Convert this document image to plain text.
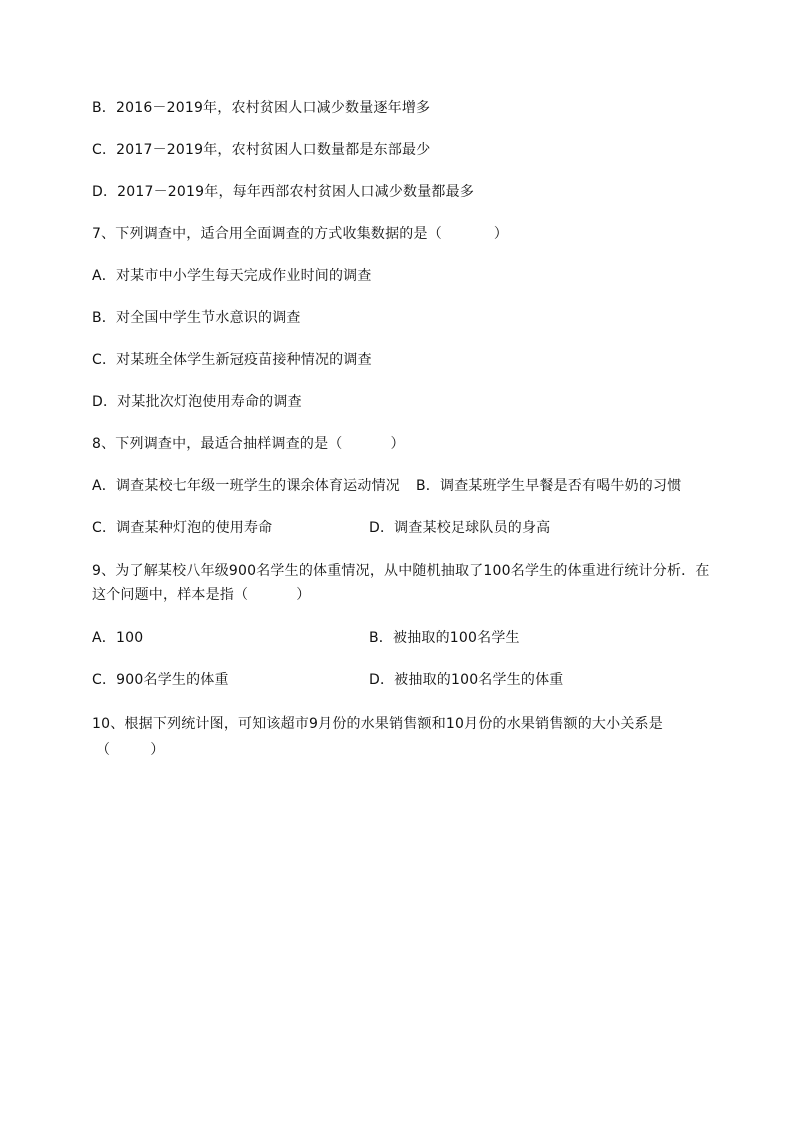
B．2016－2019年，农村贫困人口减少数量逐年增多
C．2017－2019年，农村贫困人口数量都是东部最少
D．2017－2019年，每年西部农村贫困人口减少数量都最多
7、下列调查中，适合用全面调查的方式收集数据的是（	）
A．对某市中小学生每天完成作业时间的调查
B．对全国中学生节水意识的调查
C．对某班全体学生新冠疫苗接种情况的调查
D．对某批次灯泡使用寿命的调查
8、下列调查中，最适合抽样调查的是（	）
A．调查某校七年级一班学生的课余体育运动情况 B．调查某班学生早餐是否有喝牛奶的习惯
C．调查某种灯泡的使用寿命	D．调查某校足球队员的身高
9、为了解某校八年级900名学生的体重情况，从中随机抽取了100名学生的体重进行统计分析．在
这个问题中，样本是指（	）
A．100	B．被抽取的100名学生
C．900名学生的体重	D．被抽取的100名学生的体重
10、根据下列统计图，可知该超市9月份的水果销售额和10月份的水果销售额的大小关系是
（	）
